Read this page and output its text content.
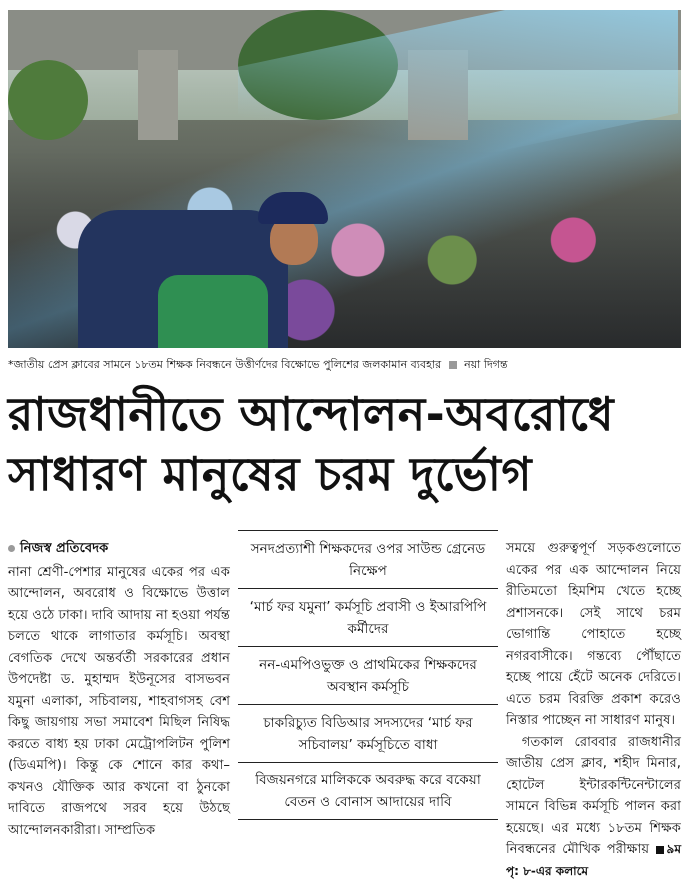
*জাতীয় প্রেস ক্লাবের সামনে ১৮তম শিক্ষক নিবন্ধনে উত্তীর্ণদের বিক্ষোভে পুলিশের জলকামান ব্যবহার নয়া দিগন্ত
রাজধানীতে আন্দোলন-অবরোধে
সাধারণ মানুষের চরম দুর্ভোগ
নিজস্ব প্রতিবেদক

নানা শ্রেণী-পেশার মানুষের একের পর এক আন্দোলন, অবরোধ ও বিক্ষোভে উত্তাল হয়ে ওঠে ঢাকা। দাবি আদায় না হওয়া পর্যন্ত চলতে থাকে লাগাতার কর্মসূচি। অবস্থা বেগতিক দেখে অন্তর্বর্তী সরকারের প্রধান উপদেষ্টা ড. মুহাম্মদ ইউনূসের বাসভবন যমুনা এলাকা, সচিবালয়, শাহবাগসহ বেশ কিছু জায়গায় সভা সমাবেশ মিছিল নিষিদ্ধ করতে বাধ্য হয় ঢাকা মেট্রোপলিটন পুলিশ (ডিএমপি)। কিন্তু কে শোনে কার কথা– কখনও যৌক্তিক আর কখনো বা ঠুনকো দাবিতে রাজপথে সরব হয়ে উঠছে আন্দোলনকারীরা। সাম্প্রতিক

সনদপ্রত্যাশী শিক্ষকদের ওপর সাউন্ড গ্রেনেড নিক্ষেপ
‘মার্চ ফর যমুনা’ কর্মসূচি প্রবাসী ও ইআরপিপি কর্মীদের
নন-এমপিওভুক্ত ও প্রাথমিকের শিক্ষকদের অবস্থান কর্মসূচি
চাকরিচ্যুত বিডিআর সদস্যদের ‘মার্চ ফর সচিবালয়’ কর্মসূচিতে বাধা
বিজয়নগরে মালিককে অবরুদ্ধ করে বকেয়া বেতন ও বোনাস আদায়ের দাবি

সময়ে গুরুত্বপূর্ণ সড়কগুলোতে একের পর এক আন্দোলন নিয়ে রীতিমতো হিমশিম খেতে হচ্ছে প্রশাসনকে। সেই সাথে চরম ভোগান্তি পোহাতে হচ্ছে নগরবাসীকে। গন্তব্যে পৌঁছাতে হচ্ছে পায়ে হেঁটে অনেক দেরিতে। এতে চরম বিরক্তি প্রকাশ করেও নিস্তার পাচ্ছেন না সাধারণ মানুষ।

গতকাল রোববার রাজধানীর জাতীয় প্রেস ক্লাব, শহীদ মিনার, হোটেল ইন্টারকন্টিনেন্টালের সামনে বিভিন্ন কর্মসূচি পালন করা হয়েছে। এর মধ্যে ১৮তম শিক্ষক নিবন্ধনের মৌখিক পরীক্ষায় ৯ম পৃ: ৮-এর কলামে
